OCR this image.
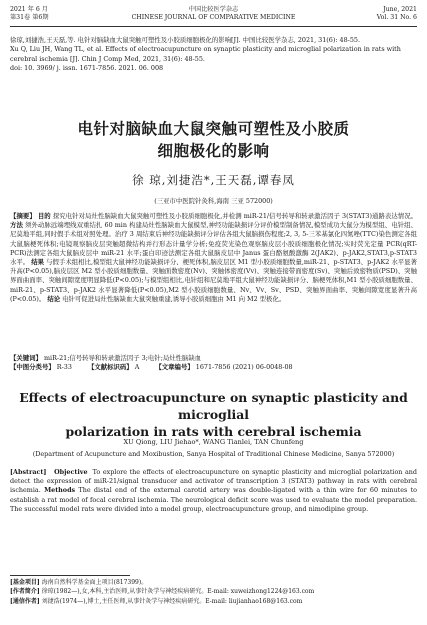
2021 年 6 月
第31卷 第6期
中国比较医学杂志
CHINESE JOURNAL OF COMPARATIVE MEDICINE
June, 2021
Vol. 31 No. 6

徐琼,刘捷浩,王天磊,等. 电针对脑缺血大鼠突触可塑性及小胶质细胞极化的影响[J]. 中国比较医学杂志, 2021, 31(6): 48-55.

Xu Q, Liu JH, Wang TL, et al. Effects of electroacupuncture on synaptic plasticity and microglial polarization in rats with cerebral ischemia [J]. Chin J Comp Med, 2021, 31(6): 48-55.

doi: 10. 3969/ j. issn. 1671-7856. 2021. 06. 008

电针对脑缺血大鼠突触可塑性及小胶质
细胞极化的影响
徐 琼,刘捷浩*,王天磊,谭春凤
(三亚市中医院针灸科,海南 三亚 572000)

【摘要】 目的 探究电针对局灶性脑缺血大鼠突触可塑性及小胶质细胞极化,并检测 miR-21/信号转导和转录激活因子 3(STAT3)通路表达情况。 方法 须外动脉远端埋线双重结扎 60 min 构建局灶性脑缺血大鼠模型,神经功能缺损评分评价模型制备情况,模型成功大鼠分为模型组、电针组、尼莫地平组,同时假手术组对照处理。治疗 3 周结束后神经功能缺损评分评估各组大鼠脑损伤程度;2, 3, 5-三苯基氯化四氮唑(TTC)染色测定各组大鼠脑梗死体积;电镜观察脑皮层突触超微结构并行形态计量学分析;免疫荧光染色观察脑皮层小胶质细胞极化情况;实时荧光定量 PCR(qRT-PCR)法测定各组大鼠脑皮层中 miR-21 水平;蛋白印迹法测定各组大鼠脑皮层中 Janus 蛋白酪氨酸激酶 2(JAK2)、p-JAK2,STAT3,p-STAT3 水平。 结果 与假手术组相比,模型组大鼠神经功能缺损评分、梗死体积,脑皮层区 M1 型小胶质细胞数量,miR-21、p-STAT3、p-JAK2 水平显著升高(P<0.05),脑皮层区 M2 型小胶质细胞数量、突触面数密度(Nv)、突触体密度(Vv)、突触连接带面密度(Sv)、突触后致密物质(PSD)、突触界面曲面率、突触间隙宽度明显降低(P<0.05);与模型组相比,电针组和尼莫地平组大鼠神经功能缺损评分、脑梗死体积,M1 型小胶质细胞数量、miR-21、p-STAT3、p-JAK2 水平显著降低(P<0.05),M2 型小胶质细胞数量、Nv、Vv、Sv、PSD、突触界面曲率、突触间隙宽度显著升高(P<0.05)。 结论 电针可促进局灶性脑缺血大鼠突触重建,诱导小胶质细胞由 M1 向 M2 型极化。

【关键词】 miR-21;信号转导和转录激活因子 3;电针;局灶性脑缺血
【中图分类号】 R-33	【文献标识码】 A	【文章编号】 1671-7856 (2021) 06-0048-08
Effects of electroacupuncture on synaptic plasticity and microglial
polarization in rats with cerebral ischemia
XU Qiong, LIU Jiehao*, WANG Tianlei, TAN Chunfeng
(Department of Acupuncture and Moxibustion, Sanya Hospital of Traditional Chinese Medicine, Sanya 572000)

[Abstract] Objective To explore the effects of electroacupuncture on synaptic plasticity and microglial polarization and detect the expression of miR-21/signal transducer and activator of transcription 3 (STAT3) pathway in rats with cerebral ischemia. Methods The distal end of the external carotid artery was double-ligated with a thin wire for 60 minutes to establish a rat model of focal cerebral ischemia. The neurological deficit score was used to evaluate the model preparation. The successful model rats were divided into a model group, electroacupuncture group, and nimodipine group.

[基金项目] 海南自然科学基金面上项目(817399)。

[作者简介] 徐琼(1982—),女,本科,主治医师,从事针灸学与神经疾病研究。E-mail: xuweizhong1224@163.com

[通信作者] 刘捷浩(1974—),博士,主任医师,从事针灸学与神经疾病研究。E-mail: liujianhao168@163.com
